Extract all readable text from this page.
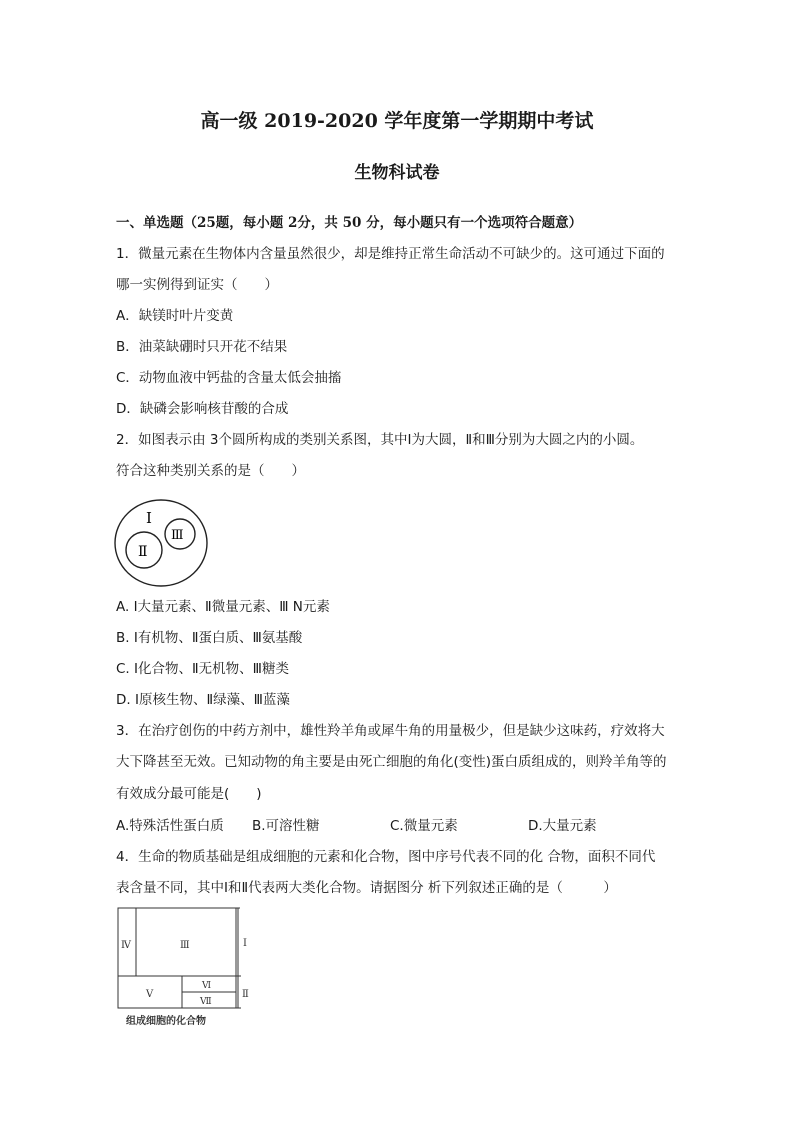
高一级 2019-2020 学年度第一学期期中考试
生物科试卷
一、单选题（25题，每小题 2分，共 50 分，每小题只有一个选项符合题意）
1．微量元素在生物体内含量虽然很少，却是维持正常生命活动不可缺少的。这可通过下面的
哪一实例得到证实（　　）
A．缺镁时叶片变黄
B．油菜缺硼时只开花不结果
C．动物血液中钙盐的含量太低会抽搐
D．缺磷会影响核苷酸的合成
2．如图表示由 3个圆所构成的类别关系图，其中Ⅰ为大圆，Ⅱ和Ⅲ分别为大圆之内的小圆。
符合这种类别关系的是（　　）
Ⅰ
Ⅱ
Ⅲ
A. Ⅰ大量元素、Ⅱ微量元素、Ⅲ N元素
B. Ⅰ有机物、Ⅱ蛋白质、Ⅲ氨基酸
C. Ⅰ化合物、Ⅱ无机物、Ⅲ糖类
D. Ⅰ原核生物、Ⅱ绿藻、Ⅲ蓝藻
3．在治疗创伤的中药方剂中，雄性羚羊角或犀牛角的用量极少，但是缺少这味药，疗效将大
大下降甚至无效。已知动物的角主要是由死亡细胞的角化(变性)蛋白质组成的，则羚羊角等的
有效成分最可能是(　　)
A.特殊活性蛋白质 B.可溶性糖	C.微量元素	D.大量元素
4．生命的物质基础是组成细胞的元素和化合物，图中序号代表不同的化 合物，面积不同代
表含量不同，其中Ⅰ和Ⅱ代表两大类化合物。请据图分 析下列叙述正确的是（　　　）
Ⅳ	Ⅲ
Ⅴ
Ⅵ
Ⅶ
Ⅰ
Ⅱ
组成细胞的化合物
